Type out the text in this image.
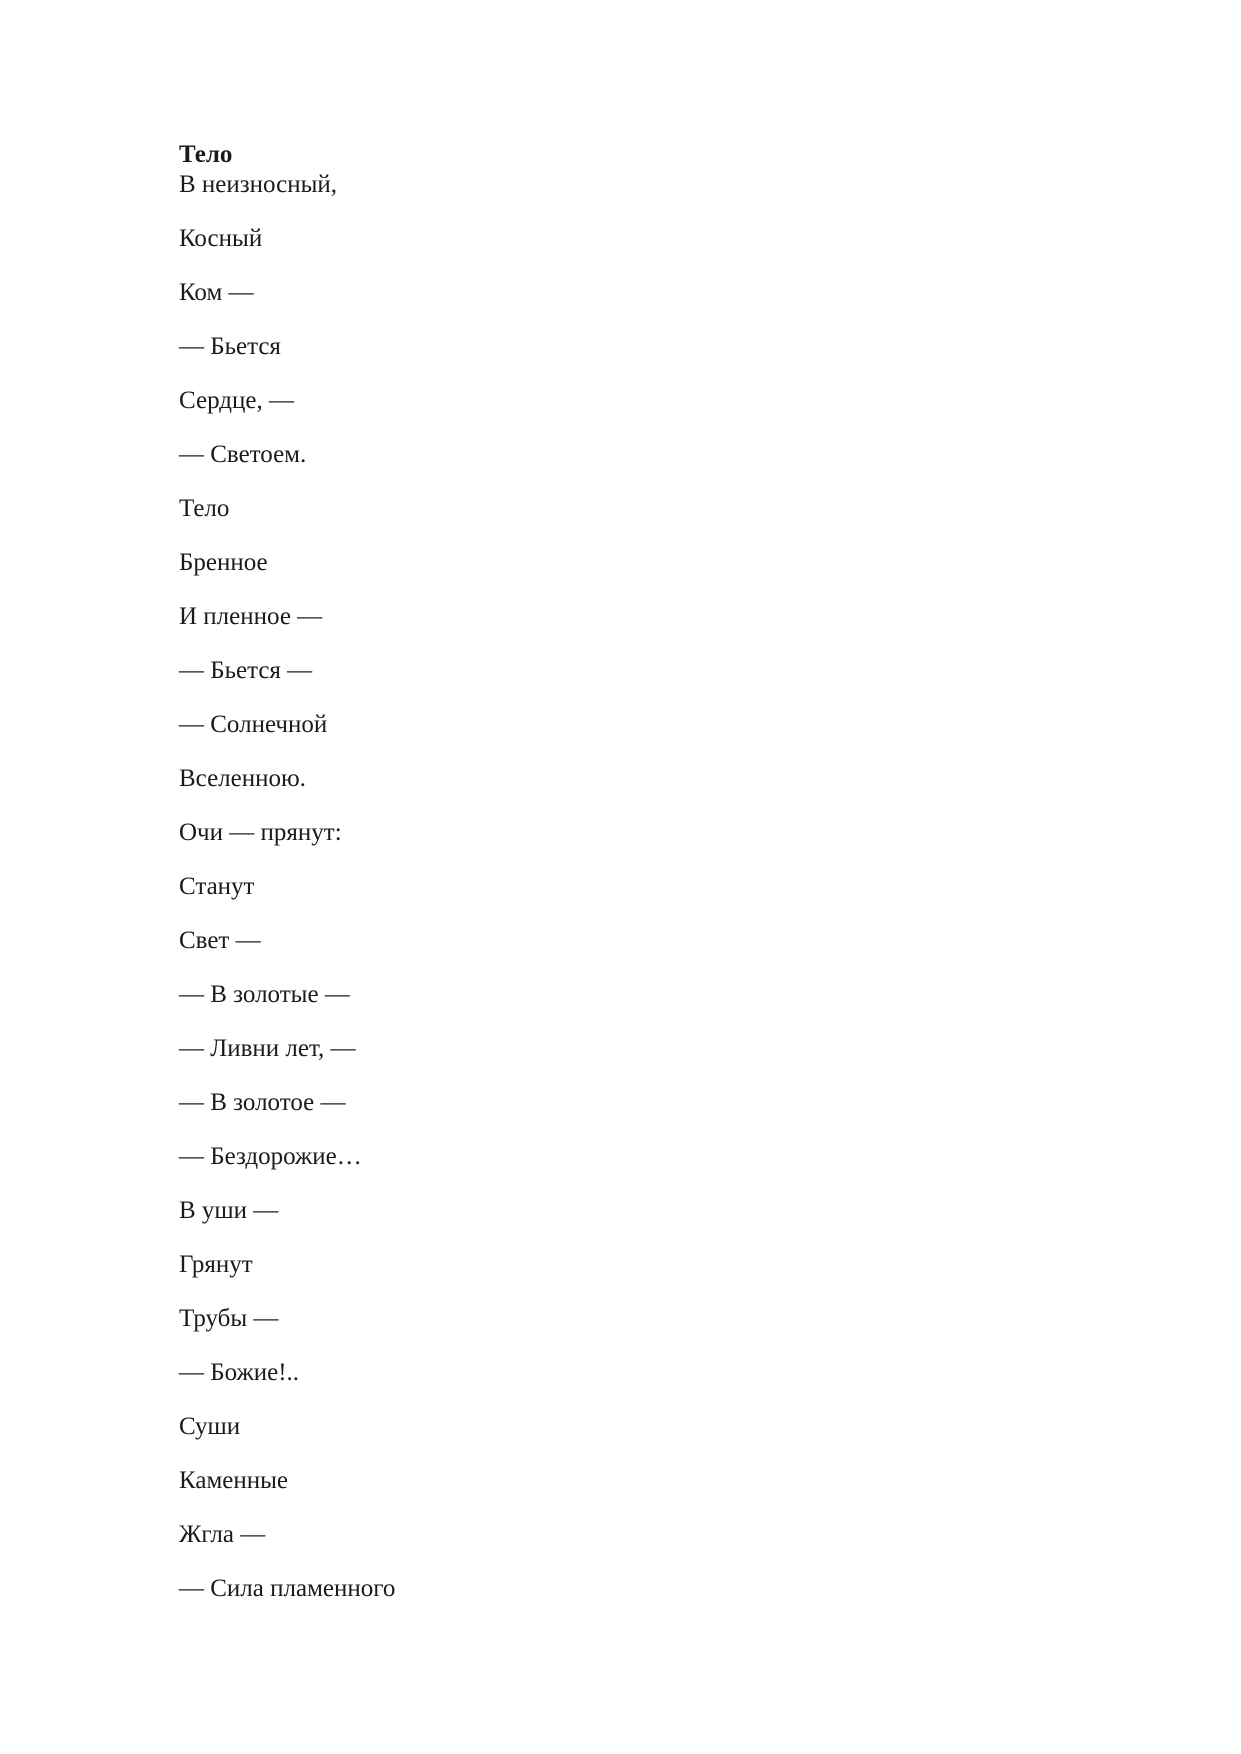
Тело

В неизносный,

Косный

Ком —

— Бьется

Сердце, —

— Светоем.

Тело

Бренное

И пленное —

— Бьется —

— Солнечной

Вселенною.

Очи — прянут:

Станут

Свет —

— В золотые —

— Ливни лет, —

— В золотое —

— Бездорожие…

В уши —

Грянут

Трубы —

— Божие!..

Суши

Каменные

Жгла —

— Сила пламенного
